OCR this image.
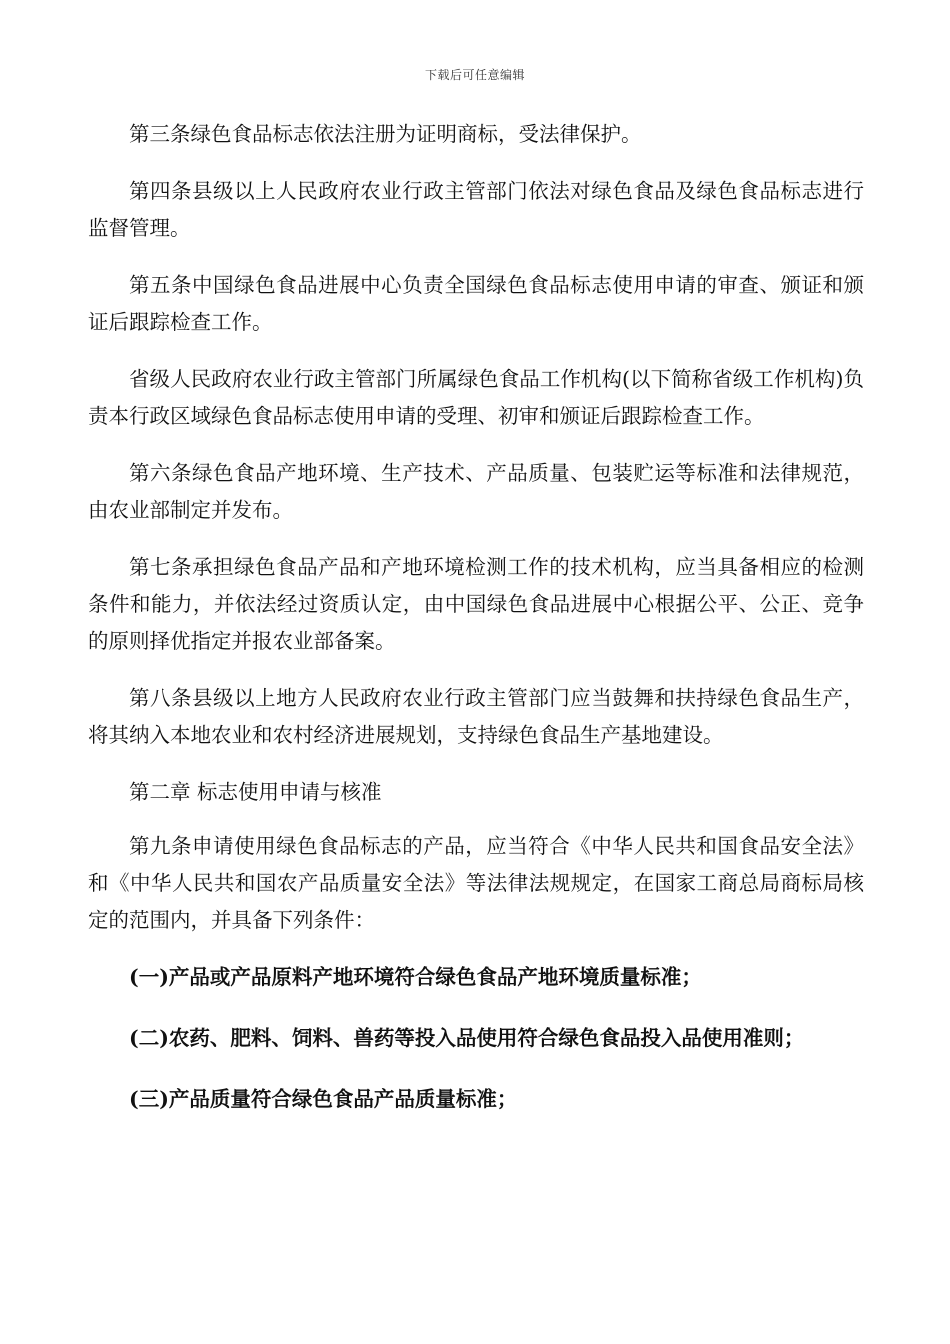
下载后可任意编辑

第三条绿色食品标志依法注册为证明商标，受法律保护。

第四条县级以上人民政府农业行政主管部门依法对绿色食品及绿色食品标志进行监督管理。

第五条中国绿色食品进展中心负责全国绿色食品标志使用申请的审查、颁证和颁证后跟踪检查工作。

省级人民政府农业行政主管部门所属绿色食品工作机构(以下简称省级工作机构)负责本行政区域绿色食品标志使用申请的受理、初审和颁证后跟踪检查工作。

第六条绿色食品产地环境、生产技术、产品质量、包装贮运等标准和法律规范，由农业部制定并发布。

第七条承担绿色食品产品和产地环境检测工作的技术机构，应当具备相应的检测条件和能力，并依法经过资质认定，由中国绿色食品进展中心根据公平、公正、竞争的原则择优指定并报农业部备案。

第八条县级以上地方人民政府农业行政主管部门应当鼓舞和扶持绿色食品生产，将其纳入本地农业和农村经济进展规划，支持绿色食品生产基地建设。

第二章 标志使用申请与核准

第九条申请使用绿色食品标志的产品，应当符合《中华人民共和国食品安全法》和《中华人民共和国农产品质量安全法》等法律法规规定，在国家工商总局商标局核定的范围内，并具备下列条件：

(一)产品或产品原料产地环境符合绿色食品产地环境质量标准；

(二)农药、肥料、饲料、兽药等投入品使用符合绿色食品投入品使用准则；

(三)产品质量符合绿色食品产品质量标准；
